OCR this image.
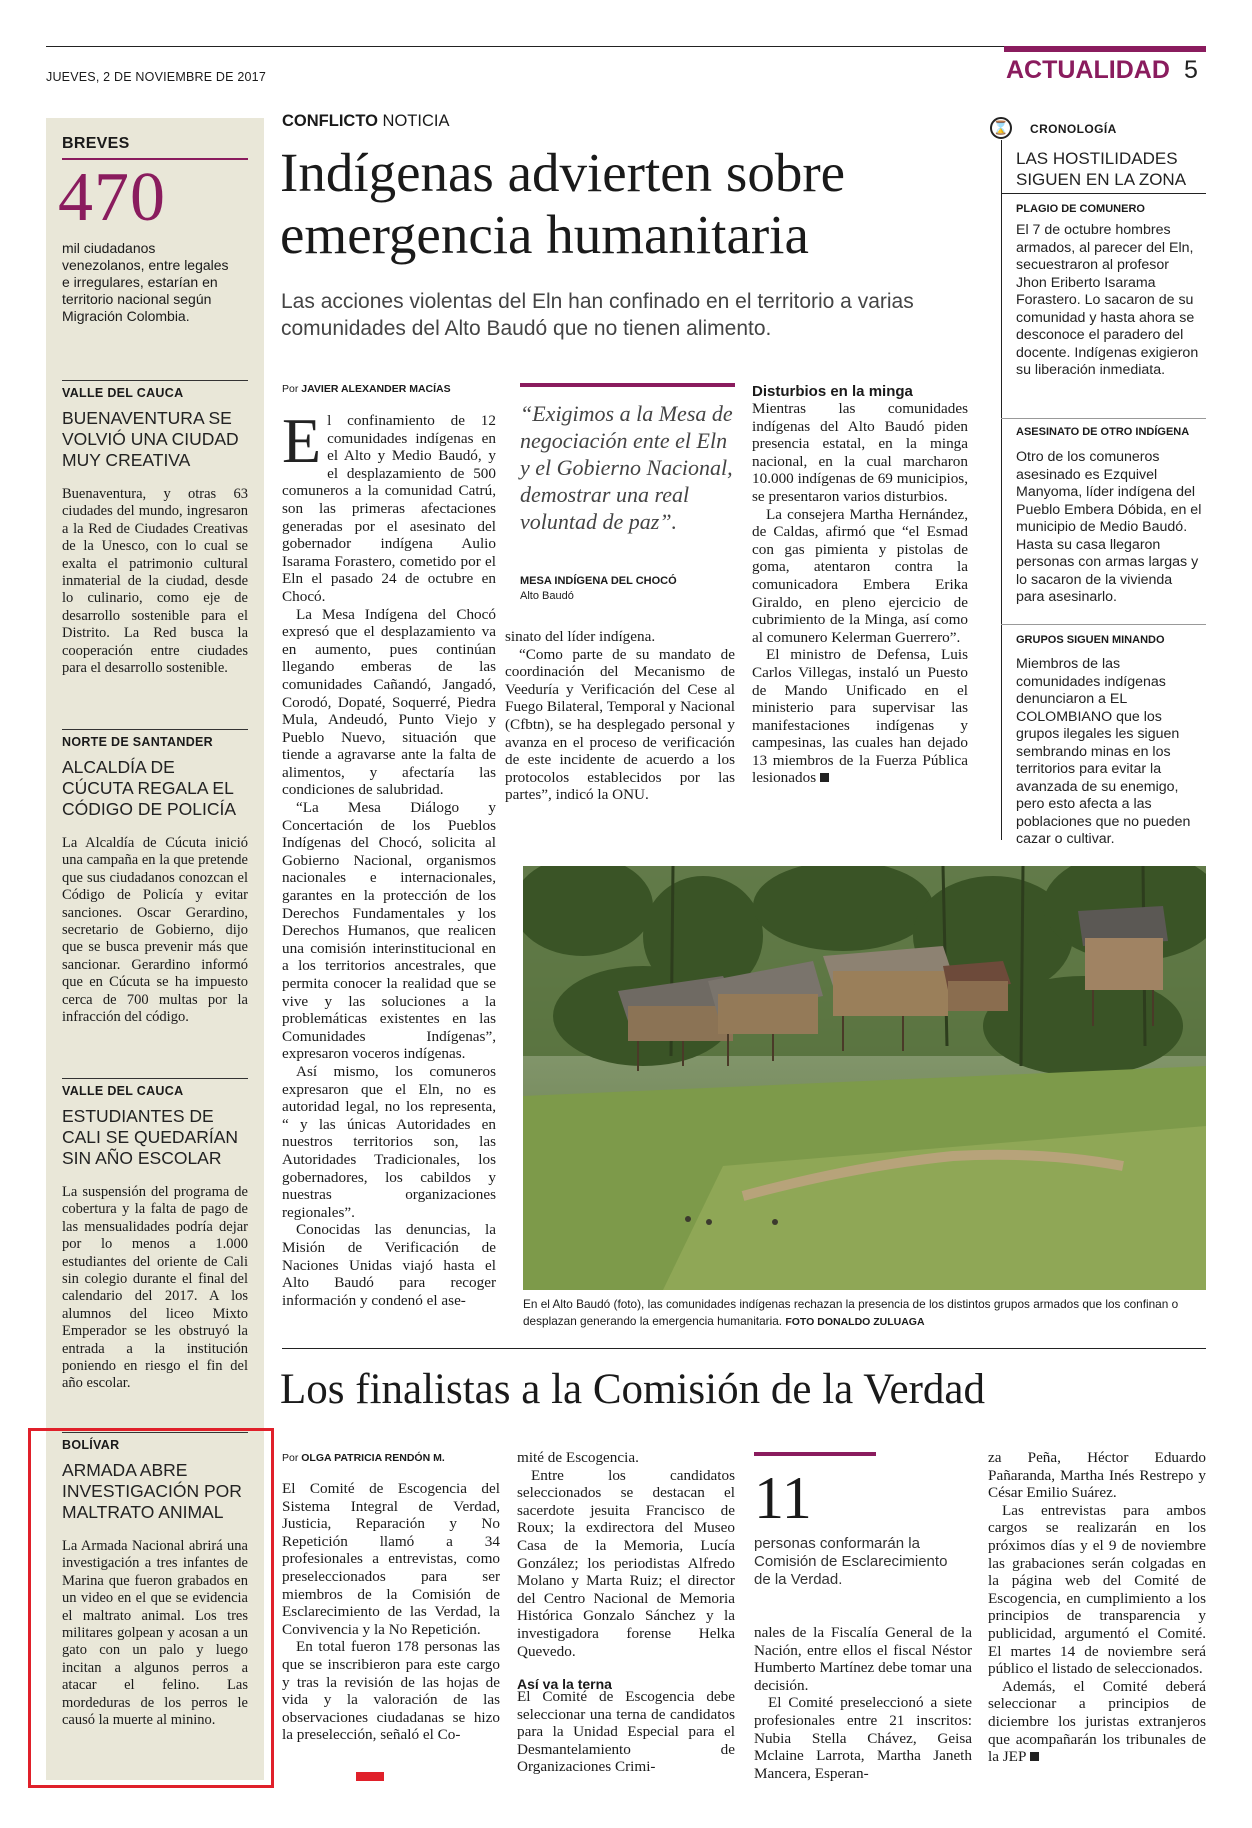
JUEVES, 2 DE NOVIEMBRE DE 2017	ACTUALIDAD 5
BREVES
470
mil ciudadanos venezolanos, entre legales e irregulares, estarían en territorio nacional según Migración Colombia.
VALLE DEL CAUCA
BUENAVENTURA SE VOLVIÓ UNA CIUDAD MUY CREATIVA
Buenaventura, y otras 63 ciudades del mundo, ingresaron a la Red de Ciudades Creativas de la Unesco, con lo cual se exalta el patrimonio cultural inmaterial de la ciudad, desde lo culinario, como eje de desarrollo sostenible para el Distrito. La Red busca la cooperación entre ciudades para el desarrollo sostenible.
NORTE DE SANTANDER
ALCALDÍA DE CÚCUTA REGALA EL CÓDIGO DE POLICÍA
La Alcaldía de Cúcuta inició una campaña en la que pretende que sus ciudadanos conozcan el Código de Policía y evitar sanciones. Oscar Gerardino, secretario de Gobierno, dijo que se busca prevenir más que sancionar. Gerardino informó que en Cúcuta se ha impuesto cerca de 700 multas por la infracción del código.
VALLE DEL CAUCA
ESTUDIANTES DE CALI SE QUEDARÍAN SIN AÑO ESCOLAR
La suspensión del programa de cobertura y la falta de pago de las mensualidades podría dejar por lo menos a 1.000 estudiantes del oriente de Cali sin colegio durante el final del calendario del 2017. A los alumnos del liceo Mixto Emperador se les obstruyó la entrada a la institución poniendo en riesgo el fin del año escolar.
BOLÍVAR
ARMADA ABRE INVESTIGACIÓN POR MALTRATO ANIMAL
La Armada Nacional abrirá una investigación a tres infantes de Marina que fueron grabados en un video en el que se evidencia el maltrato animal. Los tres militares golpean y acosan a un gato con un palo y luego incitan a algunos perros a atacar el felino. Las mordeduras de los perros le causó la muerte al minino.
CONFLICTO NOTICIA
Indígenas advierten sobre emergencia humanitaria
Las acciones violentas del Eln han confinado en el territorio a varias comunidades del Alto Baudó que no tienen alimento.
Por JAVIER ALEXANDER MACÍAS

El confinamiento de 12 comunidades indígenas en el Alto y Medio Baudó, y el desplazamiento de 500 comuneros a la comunidad Catrú, son las primeras afectaciones generadas por el asesinato del gobernador indígena Aulio Isarama Forastero, cometido por el Eln el pasado 24 de octubre en Chocó.

La Mesa Indígena del Chocó expresó que el desplazamiento va en aumento, pues continúan llegando emberas de las comunidades Cañandó, Jangadó, Corodó, Dopaté, Soquerré, Piedra Mula, Andeudó, Punto Viejo y Pueblo Nuevo, situación que tiende a agravarse ante la falta de alimentos, y afectaría las condiciones de salubridad.

“La Mesa Diálogo y Concertación de los Pueblos Indígenas del Chocó, solicita al Gobierno Nacional, organismos nacionales e internacionales, garantes en la protección de los Derechos Fundamentales y los Derechos Humanos, que realicen una comisión interinstitucional en a los territorios ancestrales, que permita conocer la realidad que se vive y las soluciones a la problemáticas existentes en las Comunidades Indígenas”, expresaron voceros indígenas.

Así mismo, los comuneros expresaron que el Eln, no es autoridad legal, no los representa, “ y las únicas Autoridades en nuestros territorios son, las Autoridades Tradicionales, los gobernadores, los cabildos y nuestras organizaciones regionales”.

Conocidas las denuncias, la Misión de Verificación de Naciones Unidas viajó hasta el Alto Baudó para recoger información y condenó el ase-

“Exigimos a la Mesa de negociación ente el Eln y el Gobierno Nacional, demostrar una real voluntad de paz”.
MESA INDÍGENA DEL CHOCÓ
Alto Baudó

sinato del líder indígena.

“Como parte de su mandato de coordinación del Mecanismo de Veeduría y Verificación del Cese al Fuego Bilateral, Temporal y Nacional (Cfbtn), se ha desplegado personal y avanza en el proceso de verificación de este incidente de acuerdo a los protocolos establecidos por las partes”, indicó la ONU.

Disturbios en la minga

Mientras las comunidades indígenas del Alto Baudó piden presencia estatal, en la minga nacional, en la cual marcharon 10.000 indígenas de 69 municipios, se presentaron varios disturbios.

La consejera Martha Hernández, de Caldas, afirmó que “el Esmad con gas pimienta y pistolas de goma, atentaron contra la comunicadora Embera Erika Giraldo, en pleno ejercicio de cubrimiento de la Minga, así como al comunero Kelerman Guerrero”.

El ministro de Defensa, Luis Carlos Villegas, instaló un Puesto de Mando Unificado en el ministerio para supervisar las manifestaciones indígenas y campesinas, las cuales han dejado 13 miembros de la Fuerza Pública lesionados

⌛ CRONOLOGÍA
LAS HOSTILIDADES SIGUEN EN LA ZONA
PLAGIO DE COMUNERO
El 7 de octubre hombres armados, al parecer del Eln, secuestraron al profesor Jhon Eriberto Isarama Forastero. Lo sacaron de su comunidad y hasta ahora se desconoce el paradero del docente. Indígenas exigieron su liberación inmediata.
ASESINATO DE OTRO INDÍGENA
Otro de los comuneros asesinado es Ezquivel Manyoma, líder indígena del Pueblo Embera Dóbida, en el municipio de Medio Baudó. Hasta su casa llegaron personas con armas largas y lo sacaron de la vivienda para asesinarlo.
GRUPOS SIGUEN MINANDO
Miembros de las comunidades indígenas denunciaron a EL COLOMBIANO que los grupos ilegales les siguen sembrando minas en los territorios para evitar la avanzada de su enemigo, pero esto afecta a las poblaciones que no pueden cazar o cultivar.
En el Alto Baudó (foto), las comunidades indígenas rechazan la presencia de los distintos grupos armados que los confinan o desplazan generando la emergencia humanitaria. FOTO DONALDO ZULUAGA
Los finalistas a la Comisión de la Verdad
Por OLGA PATRICIA RENDÓN M.

El Comité de Escogencia del Sistema Integral de Verdad, Justicia, Reparación y No Repetición llamó a 34 profesionales a entrevistas, como preseleccionados para ser miembros de la Comisión de Esclarecimiento de las Verdad, la Convivencia y la No Repetición.

En total fueron 178 personas las que se inscribieron para este cargo y tras la revisión de las hojas de vida y la valoración de las observaciones ciudadanas se hizo la preselección, señaló el Co-

mité de Escogencia.

Entre los candidatos seleccionados se destacan el sacerdote jesuita Francisco de Roux; la exdirectora del Museo Casa de la Memoria, Lucía González; los periodistas Alfredo Molano y Marta Ruiz; el director del Centro Nacional de Memoria Histórica Gonzalo Sánchez y la investigadora forense Helka Quevedo.

Así va la terna

El Comité de Escogencia debe seleccionar una terna de candidatos para la Unidad Especial para el Desmantelamiento de Organizaciones Crimi-

11
personas conformarán la Comisión de Esclarecimiento de la Verdad.

nales de la Fiscalía General de la Nación, entre ellos el fiscal Néstor Humberto Martínez debe tomar una decisión.

El Comité preseleccionó a siete profesionales entre 21 inscritos: Nubia Stella Chávez, Geisa Mclaine Larrota, Martha Janeth Mancera, Esperan-

za Peña, Héctor Eduardo Pañaranda, Martha Inés Restrepo y César Emilio Suárez.

Las entrevistas para ambos cargos se realizarán en los próximos días y el 9 de noviembre las grabaciones serán colgadas en la página web del Comité de Escogencia, en cumplimiento a los principios de transparencia y publicidad, argumentó el Comité. El martes 14 de noviembre será público el listado de seleccionados.

Además, el Comité deberá seleccionar a principios de diciembre los juristas extranjeros que acompañarán los tribunales de la JEP
